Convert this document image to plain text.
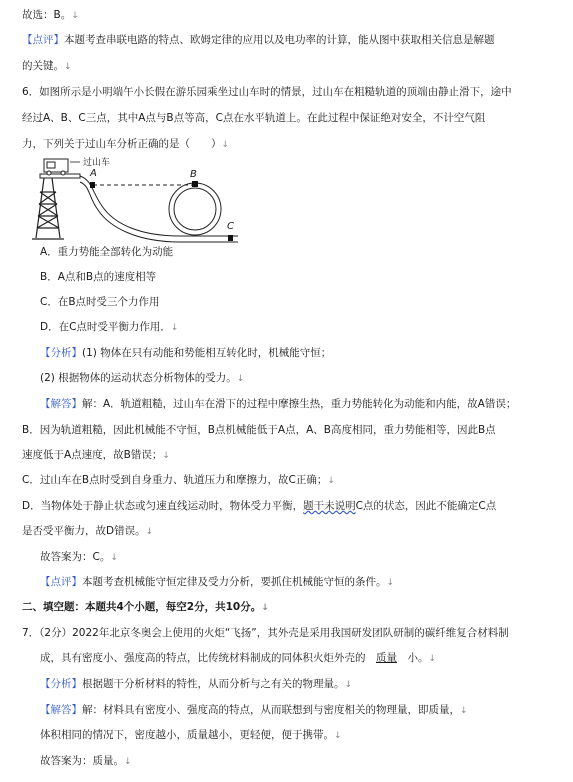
故选：B。↓
【点评】本题考查串联电路的特点、欧姆定律的应用以及电功率的计算，能从图中获取相关信息是解题
的关键。↓
6．如图所示是小明端午小长假在游乐园乘坐过山车时的情景，过山车在粗糙轨道的顶端由静止滑下，途中
经过A、B、C三点，其中A点与B点等高，C点在水平轨道上。在此过程中保证绝对安全，不计空气阻
力，下列关于过山车分析正确的是（　　）↓
过山车
A	B
C
A．重力势能全部转化为动能
B．A点和B点的速度相等
C．在B点时受三个力作用
D．在C点时受平衡力作用．↓
【分析】(1) 物体在只有动能和势能相互转化时，机械能守恒；
(2) 根据物体的运动状态分析物体的受力。↓
【解答】解：A．轨道粗糙，过山车在滑下的过程中摩擦生热，重力势能转化为动能和内能，故A错误；
B．因为轨道粗糙，因此机械能不守恒，B点机械能低于A点，A、B高度相同，重力势能相等，因此B点
速度低于A点速度，故B错误；↓
C．过山车在B点时受到自身重力、轨道压力和摩擦力，故C正确；↓
D．当物体处于静止状态或匀速直线运动时，物体受力平衡，题干未说明C点的状态，因此不能确定C点
是否受平衡力，故D错误。↓
故答案为：C。↓
【点评】本题考查机械能守恒定律及受力分析，要抓住机械能守恒的条件。↓
二、填空题：本题共4个小题，每空2分，共10分。↓
7．（2分）2022年北京冬奥会上使用的火炬“飞扬”，其外壳是采用我国研发团队研制的碳纤维复合材料制
成，具有密度小、强度高的特点，比传统材料制成的同体积火炬外壳的　 质量　 小。↓
【分析】根据题干分析材料的特性，从而分析与之有关的物理量。↓
【解答】解：材料具有密度小、强度高的特点，从而联想到与密度相关的物理量，即质量，↓
体积相同的情况下，密度越小，质量越小，更轻便，便于携带。↓
故答案为：质量。↓
